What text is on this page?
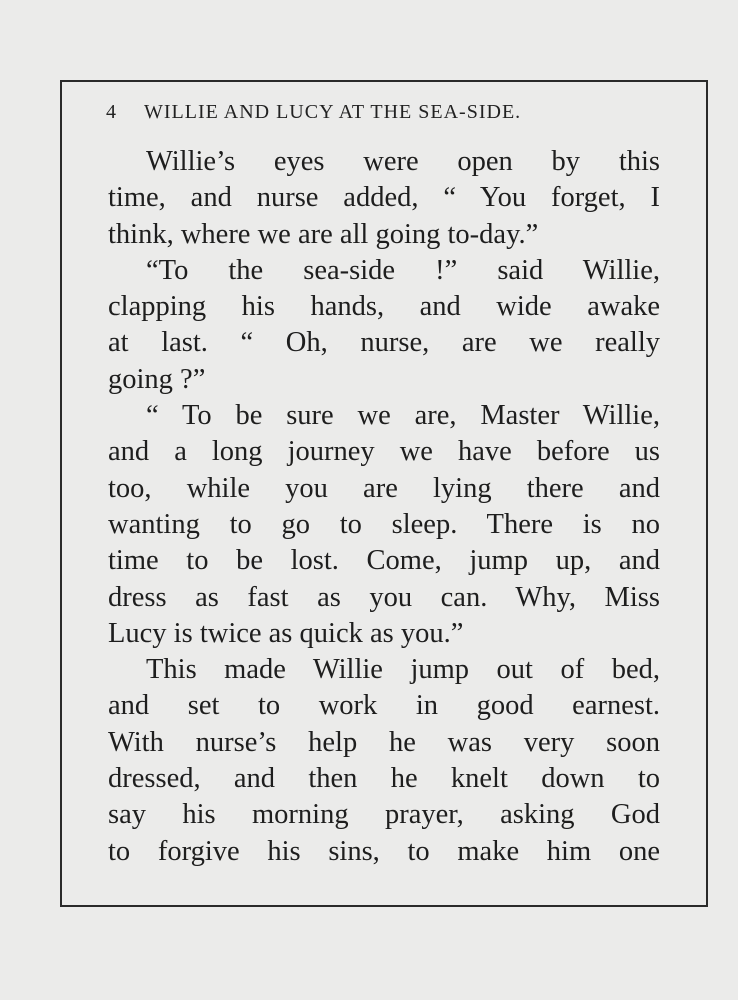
4 WILLIE AND LUCY AT THE SEA-SIDE.
Willie’s eyes were open by this
time, and nurse added, “ You forget, I
think, where we are all going to-day.”
“To the sea-side !” said Willie,
clapping his hands, and wide awake
at last. “ Oh, nurse, are we really
going ?”
“ To be sure we are, Master Willie,
and a long journey we have before us
too, while you are lying there and
wanting to go to sleep. There is no
time to be lost. Come, jump up, and
dress as fast as you can. Why, Miss
Lucy is twice as quick as you.”
This made Willie jump out of bed,
and set to work in good earnest.
With nurse’s help he was very soon
dressed, and then he knelt down to
say his morning prayer, asking God
to forgive his sins, to make him one
